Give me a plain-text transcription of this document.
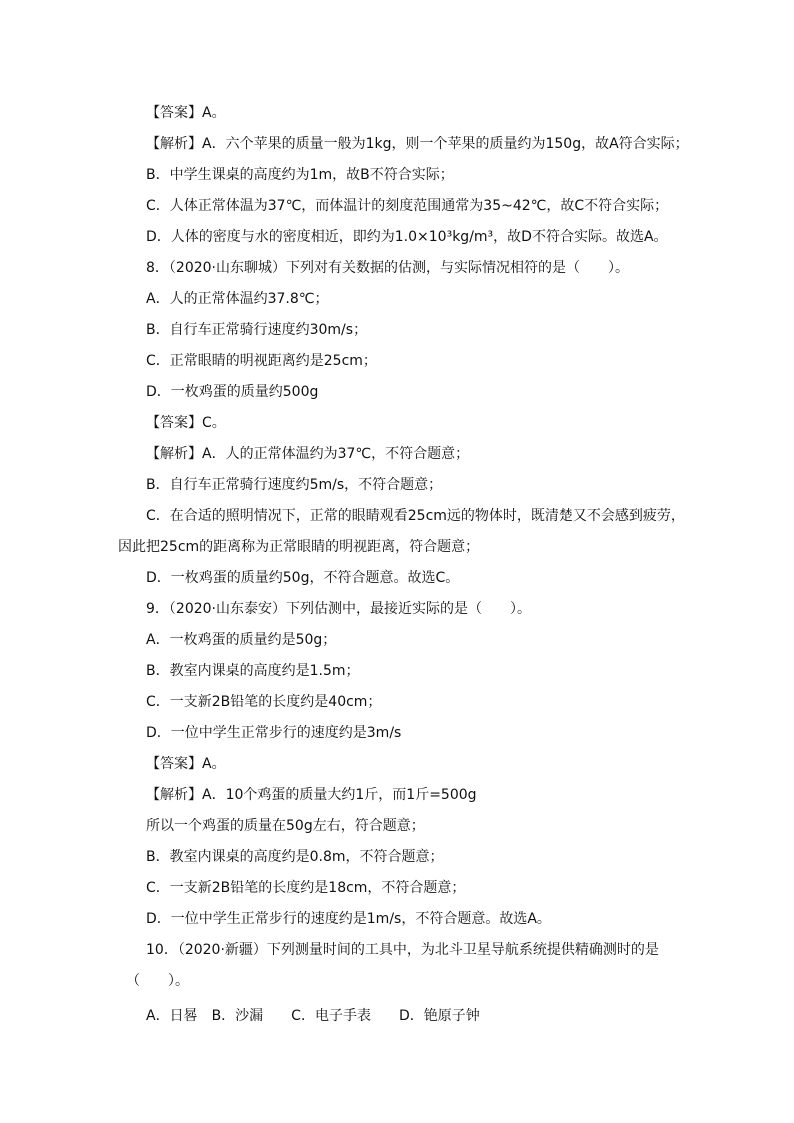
【答案】A。
【解析】A．六个苹果的质量一般为1kg，则一个苹果的质量约为150g，故A符合实际；
B．中学生课桌的高度约为1m，故B不符合实际；
C．人体正常体温为37℃，而体温计的刻度范围通常为35~42℃，故C不符合实际；
D．人体的密度与水的密度相近，即约为1.0×10³kg/m³，故D不符合实际。故选A。
8．（2020·山东聊城）下列对有关数据的估测，与实际情况相符的是（　　）。
A．人的正常体温约37.8℃；
B．自行车正常骑行速度约30m/s；
C．正常眼睛的明视距离约是25cm；
D．一枚鸡蛋的质量约500g
【答案】C。
【解析】A．人的正常体温约为37℃，不符合题意；
B．自行车正常骑行速度约5m/s，不符合题意；
C．在合适的照明情况下，正常的眼睛观看25cm远的物体时，既清楚又不会感到疲劳，
因此把25cm的距离称为正常眼睛的明视距离，符合题意；
D．一枚鸡蛋的质量约50g，不符合题意。故选C。
9．（2020·山东泰安）下列估测中，最接近实际的是（　　）。
A．一枚鸡蛋的质量约是50g；
B．教室内课桌的高度约是1.5m；
C．一支新2B铅笔的长度约是40cm；
D．一位中学生正常步行的速度约是3m/s
【答案】A。
【解析】A．10个鸡蛋的质量大约1斤，而1斤=500g
所以一个鸡蛋的质量在50g左右，符合题意；
B．教室内课桌的高度约是0.8m，不符合题意；
C．一支新2B铅笔的长度约是18cm，不符合题意；
D．一位中学生正常步行的速度约是1m/s，不符合题意。故选A。
10．（2020·新疆）下列测量时间的工具中，为北斗卫星导航系统提供精确测时的是
（　　）。
A．日晷　B．沙漏　　C．电子手表　　D．铯原子钟
